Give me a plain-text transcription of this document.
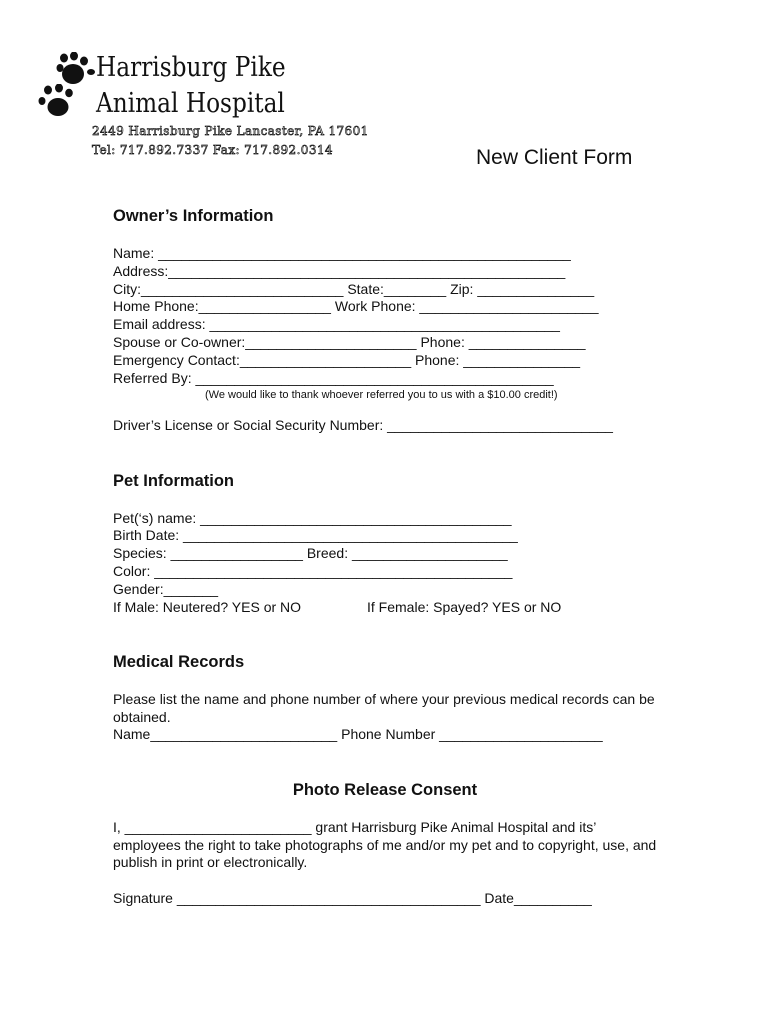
Harrisburg Pike
Animal Hospital
2449 Harrisburg Pike Lancaster, PA 17601
Tel: 717.892.7337 Fax: 717.892.0314	New Client Form
Owner’s Information
Name: _____________________________________________________
Address:___________________________________________________
City:__________________________ State:________ Zip: _______________
Home Phone:_________________ Work Phone: _______________________
Email address: _____________________________________________
Spouse or Co-owner:______________________ Phone: _______________
Emergency Contact:______________________ Phone: _______________
Referred By: ______________________________________________
(We would like to thank whoever referred you to us with a $10.00 credit!)
Driver’s License or Social Security Number: _____________________________
Pet Information
Pet(‘s) name: ________________________________________
Birth Date: ___________________________________________
Species: _________________ Breed: ____________________
Color: ______________________________________________
Gender:_______
If Male: Neutered? YES or NO	If Female: Spayed? YES or NO
Medical Records
Please list the name and phone number of where your previous medical records can be obtained.
Name________________________ Phone Number _____________________
Photo Release Consent
I, ________________________ grant Harrisburg Pike Animal Hospital and its’ employees the right to take photographs of me and/or my pet and to copyright, use, and publish in print or electronically.
Signature _______________________________________ Date__________
